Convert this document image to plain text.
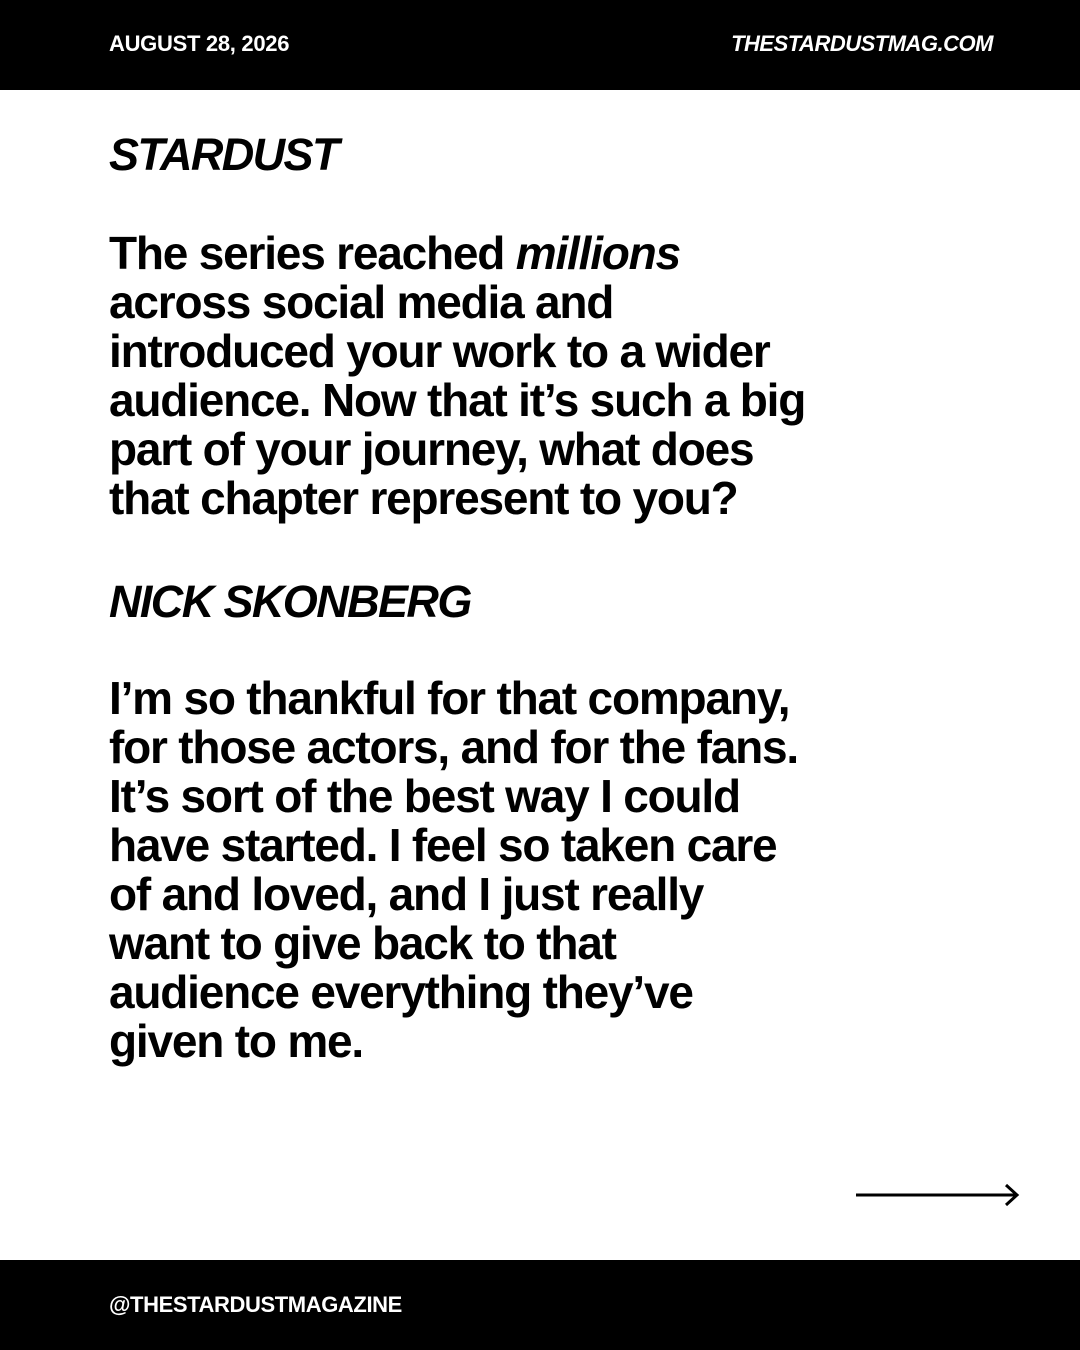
AUGUST 28, 2026	THESTARDUSTMAG.COM

STARDUST

The series reached millions across social media and introduced your work to a wider audience. Now that it’s such a big part of your journey, what does that chapter represent to you?

NICK SKONBERG

I’m so thankful for that company, for those actors, and for the fans. It’s sort of the best way I could have started. I feel so taken care of and loved, and I just really want to give back to that audience everything they’ve given to me.

@THESTARDUSTMAGAZINE
